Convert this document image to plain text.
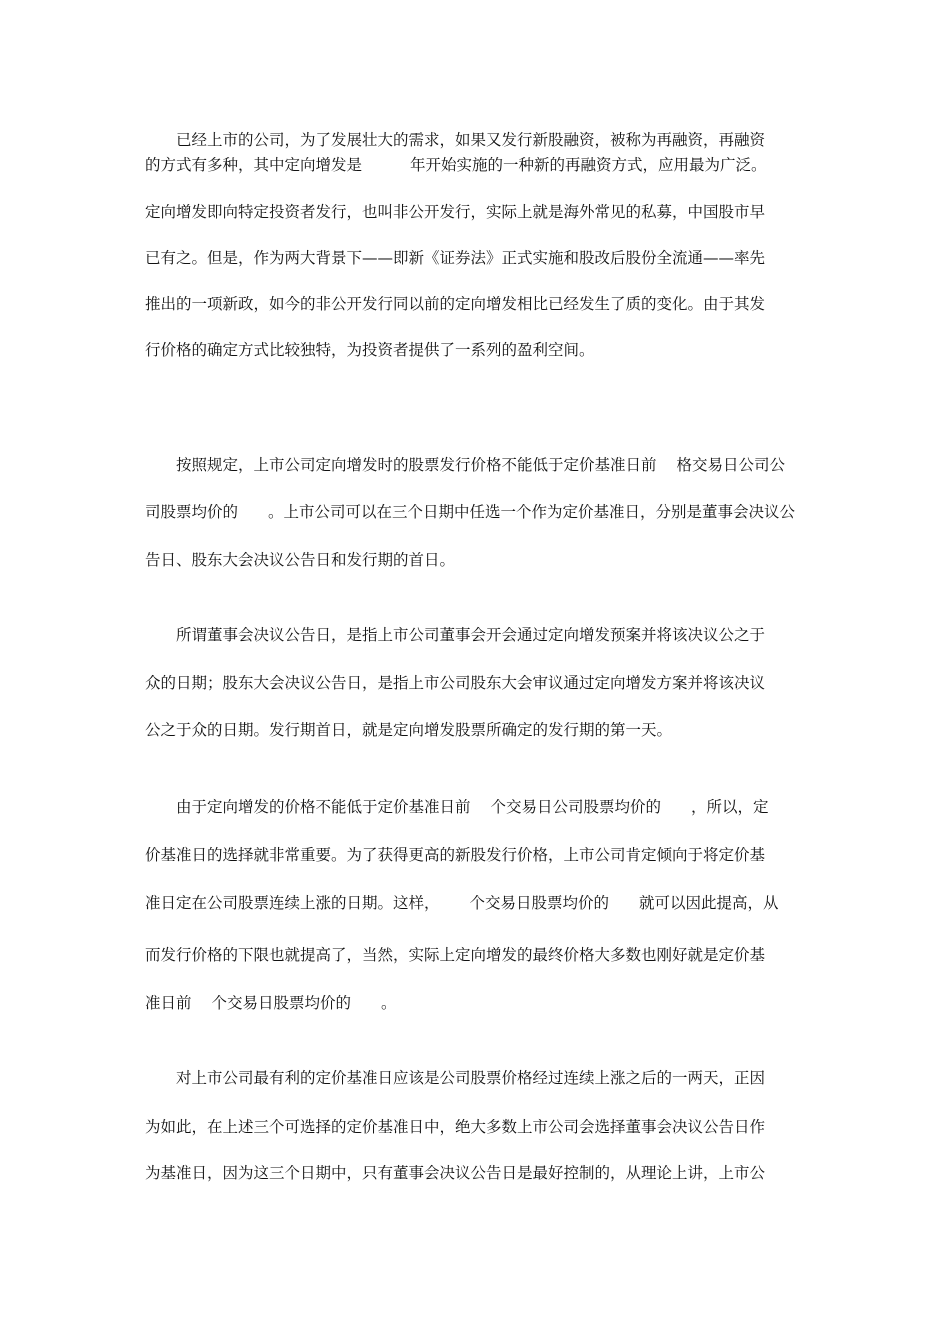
已经上市的公司，为了发展壮大的需求，如果又发行新股融资，被称为再融资，再融资
的方式有多种，其中定向增发是	年开始实施的一种新的再融资方式，应用最为广泛。
定向增发即向特定投资者发行，也叫非公开发行，实际上就是海外常见的私募，中国股市早
已有之。但是，作为两大背景下——即新《证券法》正式实施和股改后股份全流通——率先
推出的一项新政，如今的非公开发行同以前的定向增发相比已经发生了质的变化。由于其发
行价格的确定方式比较独特，为投资者提供了一系列的盈利空间。
按照规定，上市公司定向增发时的股票发行价格不能低于定价基准日前 格交易日公司公
司股票均价的 。上市公司可以在三个日期中任选一个作为定价基准日，分别是董事会决议公
告日、股东大会决议公告日和发行期的首日。
所谓董事会决议公告日，是指上市公司董事会开会通过定向增发预案并将该决议公之于
众的日期；股东大会决议公告日，是指上市公司股东大会审议通过定向增发方案并将该决议
公之于众的日期。发行期首日，就是定向增发股票所确定的发行期的第一天。
由于定向增发的价格不能低于定价基准日前 个交易日公司股票均价的 ，所以，定
价基准日的选择就非常重要。为了获得更高的新股发行价格，上市公司肯定倾向于将定价基
准日定在公司股票连续上涨的日期。这样， 个交易日股票均价的 就可以因此提高，从
而发行价格的下限也就提高了，当然，实际上定向增发的最终价格大多数也刚好就是定价基
准日前 个交易日股票均价的 。
对上市公司最有利的定价基准日应该是公司股票价格经过连续上涨之后的一两天，正因
为如此，在上述三个可选择的定价基准日中，绝大多数上市公司会选择董事会决议公告日作
为基准日，因为这三个日期中，只有董事会决议公告日是最好控制的，从理论上讲，上市公
